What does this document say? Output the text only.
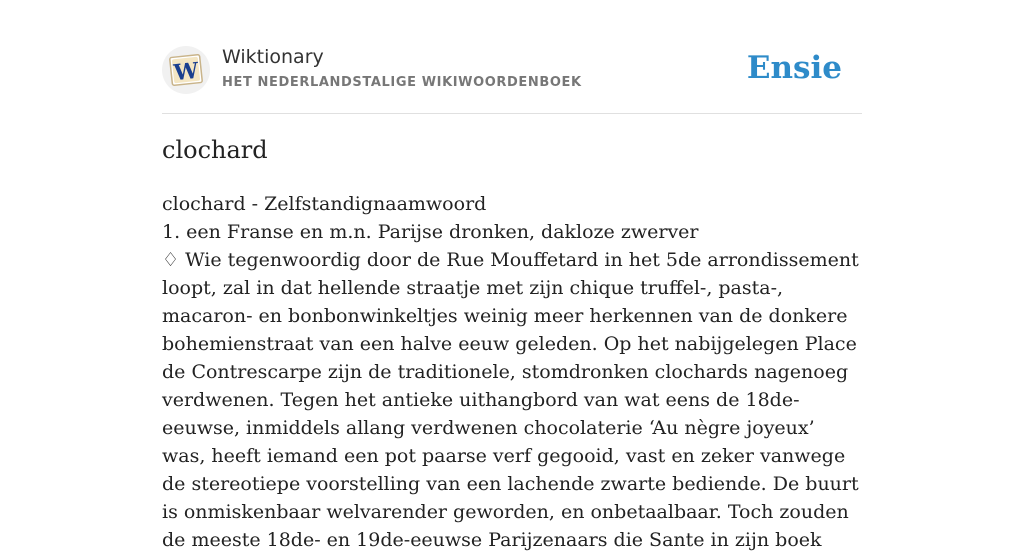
W
Wiktionary
HET NEDERLANDSTALIGE WIKIWOORDENBOEK	Ensie
clochard

clochard - Zelfstandignaamwoord

1. een Franse en m.n. Parijse dronken, dakloze zwerver

♢ Wie tegenwoordig door de Rue Mouffetard in het 5de arrondissement loopt, zal in dat hellende straatje met zijn chique truffel-, pasta-, macaron- en bonbonwinkeltjes weinig meer herkennen van de donkere bohemienstraat van een halve eeuw geleden. Op het nabijgelegen Place de Contrescarpe zijn de traditionele, stomdronken clochards nagenoeg verdwenen. Tegen het antieke uithangbord van wat eens de 18de-eeuwse, inmiddels allang verdwenen chocolaterie ‘Au nègre joyeux’ was, heeft iemand een pot paarse verf gegooid, vast en zeker vanwege de stereotiepe voorstelling van een lachende zwarte bediende. De buurt is onmiskenbaar welvarender geworden, en onbetaalbaar. Toch zouden de meeste 18de- en 19de-eeuwse Parijzenaars die Sante in zijn boek
